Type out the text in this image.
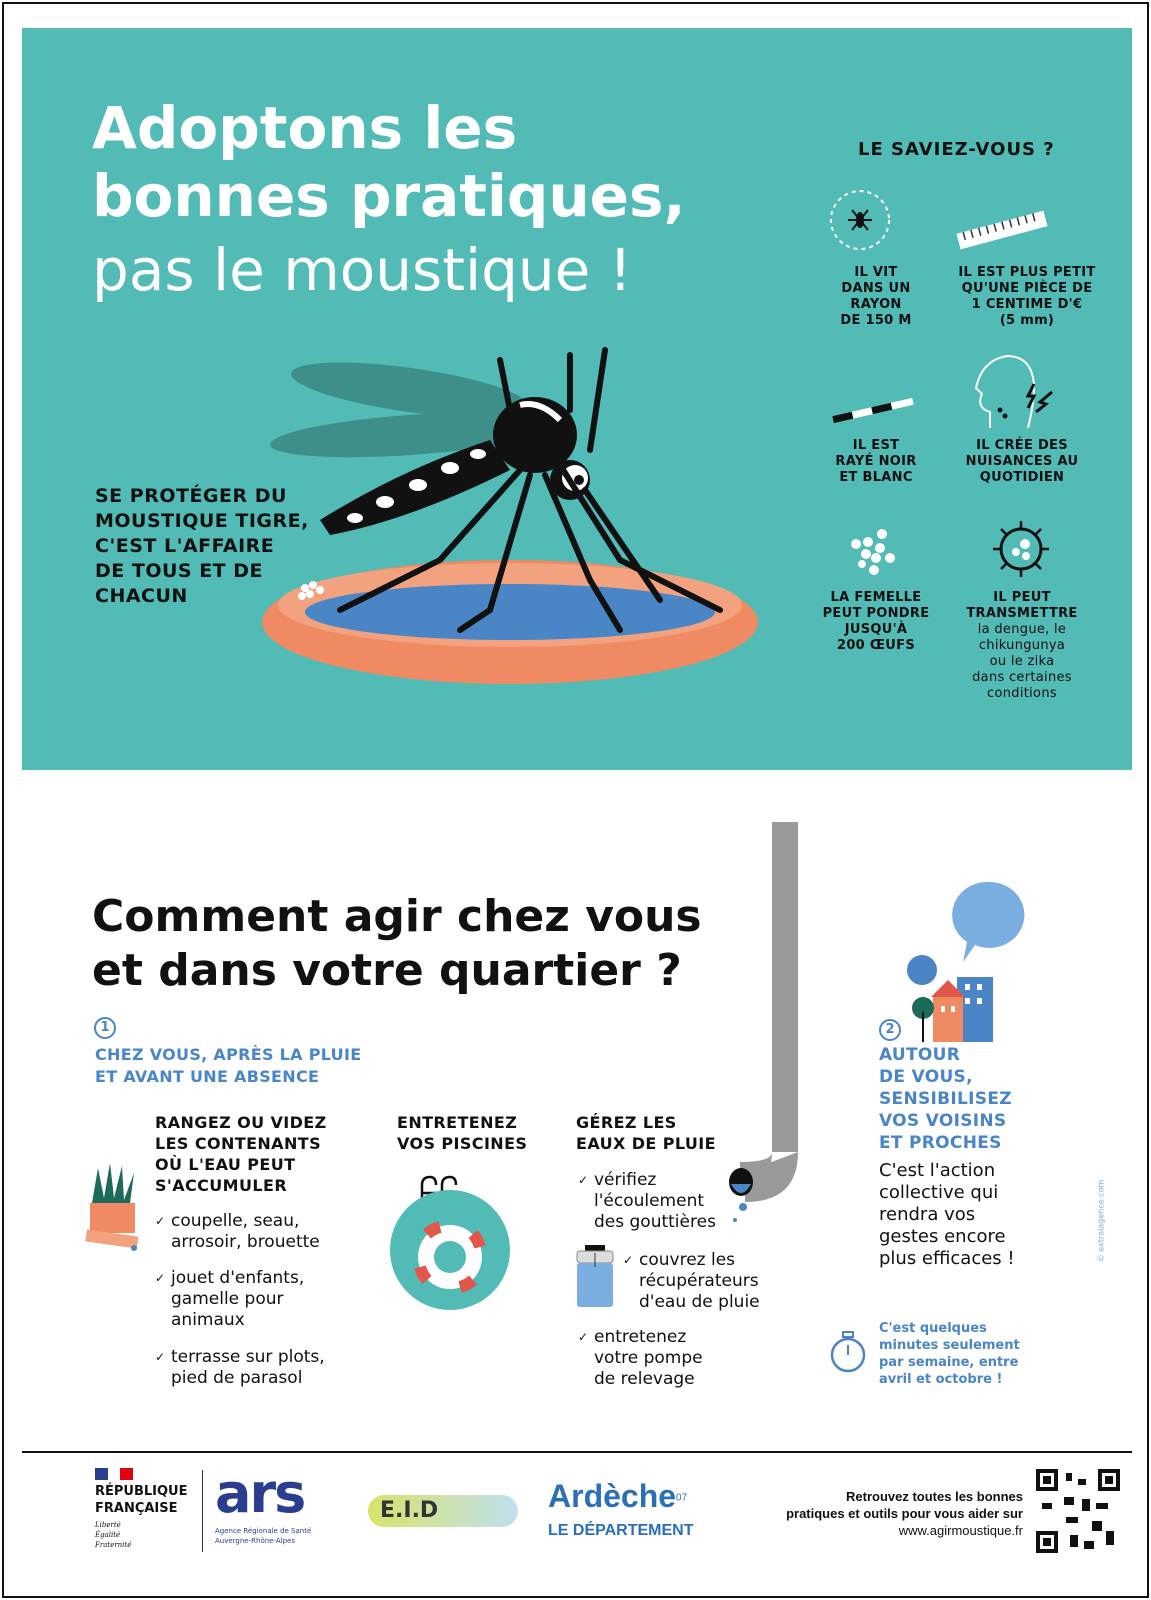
Adoptons les
bonnes pratiques,
pas le moustique !
SE PROTÉGER DU
MOUSTIQUE TIGRE,
C'EST L'AFFAIRE
DE TOUS ET DE
CHACUN
LE SAVIEZ-VOUS ?
IL VIT
DANS UN
RAYON
DE 150 M
IL EST PLUS PETIT
QU'UNE PIÈCE DE
1 CENTIME D'€
(5 mm)
IL EST
RAYÉ NOIR
ET BLANC
IL CRÉE DES
NUISANCES AU
QUOTIDIEN
LA FEMELLE
PEUT PONDRE
JUSQU'À
200 ŒUFS
IL PEUT
TRANSMETTRE
la dengue, le
chikungunya
ou le zika
dans certaines
conditions
Comment agir chez vous
et dans votre quartier ?
1
CHEZ VOUS, APRÈS LA PLUIE
ET AVANT UNE ABSENCE
RANGEZ OU VIDEZ
LES CONTENANTS
OÙ L'EAU PEUT
S'ACCUMULER
✓ coupelle, seau,
arrosoir, brouette
✓ jouet d'enfants,
gamelle pour
animaux
✓ terrasse sur plots,
pied de parasol
ENTRETENEZ
VOS PISCINES
GÉREZ LES
EAUX DE PLUIE
✓ vérifiez
l'écoulement
des gouttières
✓ couvrez les
récupérateurs
d'eau de pluie
✓ entretenez
votre pompe
de relevage
2
AUTOUR
DE VOUS,
SENSIBILISEZ
VOS VOISINS
ET PROCHES
C'est l'action
collective qui
rendra vos
gestes encore
plus efficaces !
C'est quelques
minutes seulement
par semaine, entre
avril et octobre !
© extralagence.com
RÉPUBLIQUE
FRANÇAISE
Liberté
Égalité
Fraternité
ars
Agence Régionale de Santé
Auvergne-Rhône-Alpes
E.I.D	Ardèche$^{07}$
LE DÉPARTEMENT
Retrouvez toutes les bonnes
pratiques et outils pour vous aider sur
www.agirmoustique.fr
